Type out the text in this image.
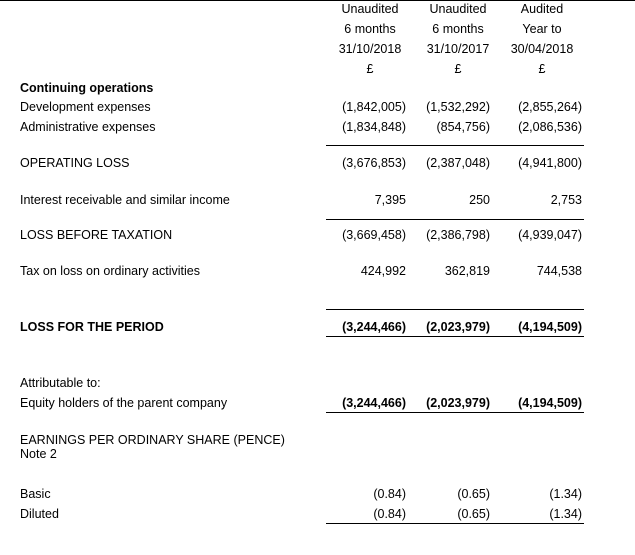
Unaudited	Unaudited	Audited
6 months	6 months	Year to
31/10/2018	31/10/2017	30/04/2018
£	£	£
Continuing operations
Development expenses	(1,842,005)	(1,532,292)	(2,855,264)
Administrative expenses	(1,834,848)	(854,756)	(2,086,536)
OPERATING LOSS	(3,676,853)	(2,387,048)	(4,941,800)
Interest receivable and similar income	7,395	250	2,753
LOSS BEFORE TAXATION	(3,669,458)	(2,386,798)	(4,939,047)
Tax on loss on ordinary activities	424,992	362,819	744,538
LOSS FOR THE PERIOD	(3,244,466)	(2,023,979)	(4,194,509)
Attributable to:
Equity holders of the parent company	(3,244,466)	(2,023,979)	(4,194,509)
EARNINGS PER ORDINARY SHARE (PENCE)
Note 2
Basic	(0.84)	(0.65)	(1.34)
Diluted	(0.84)	(0.65)	(1.34)
